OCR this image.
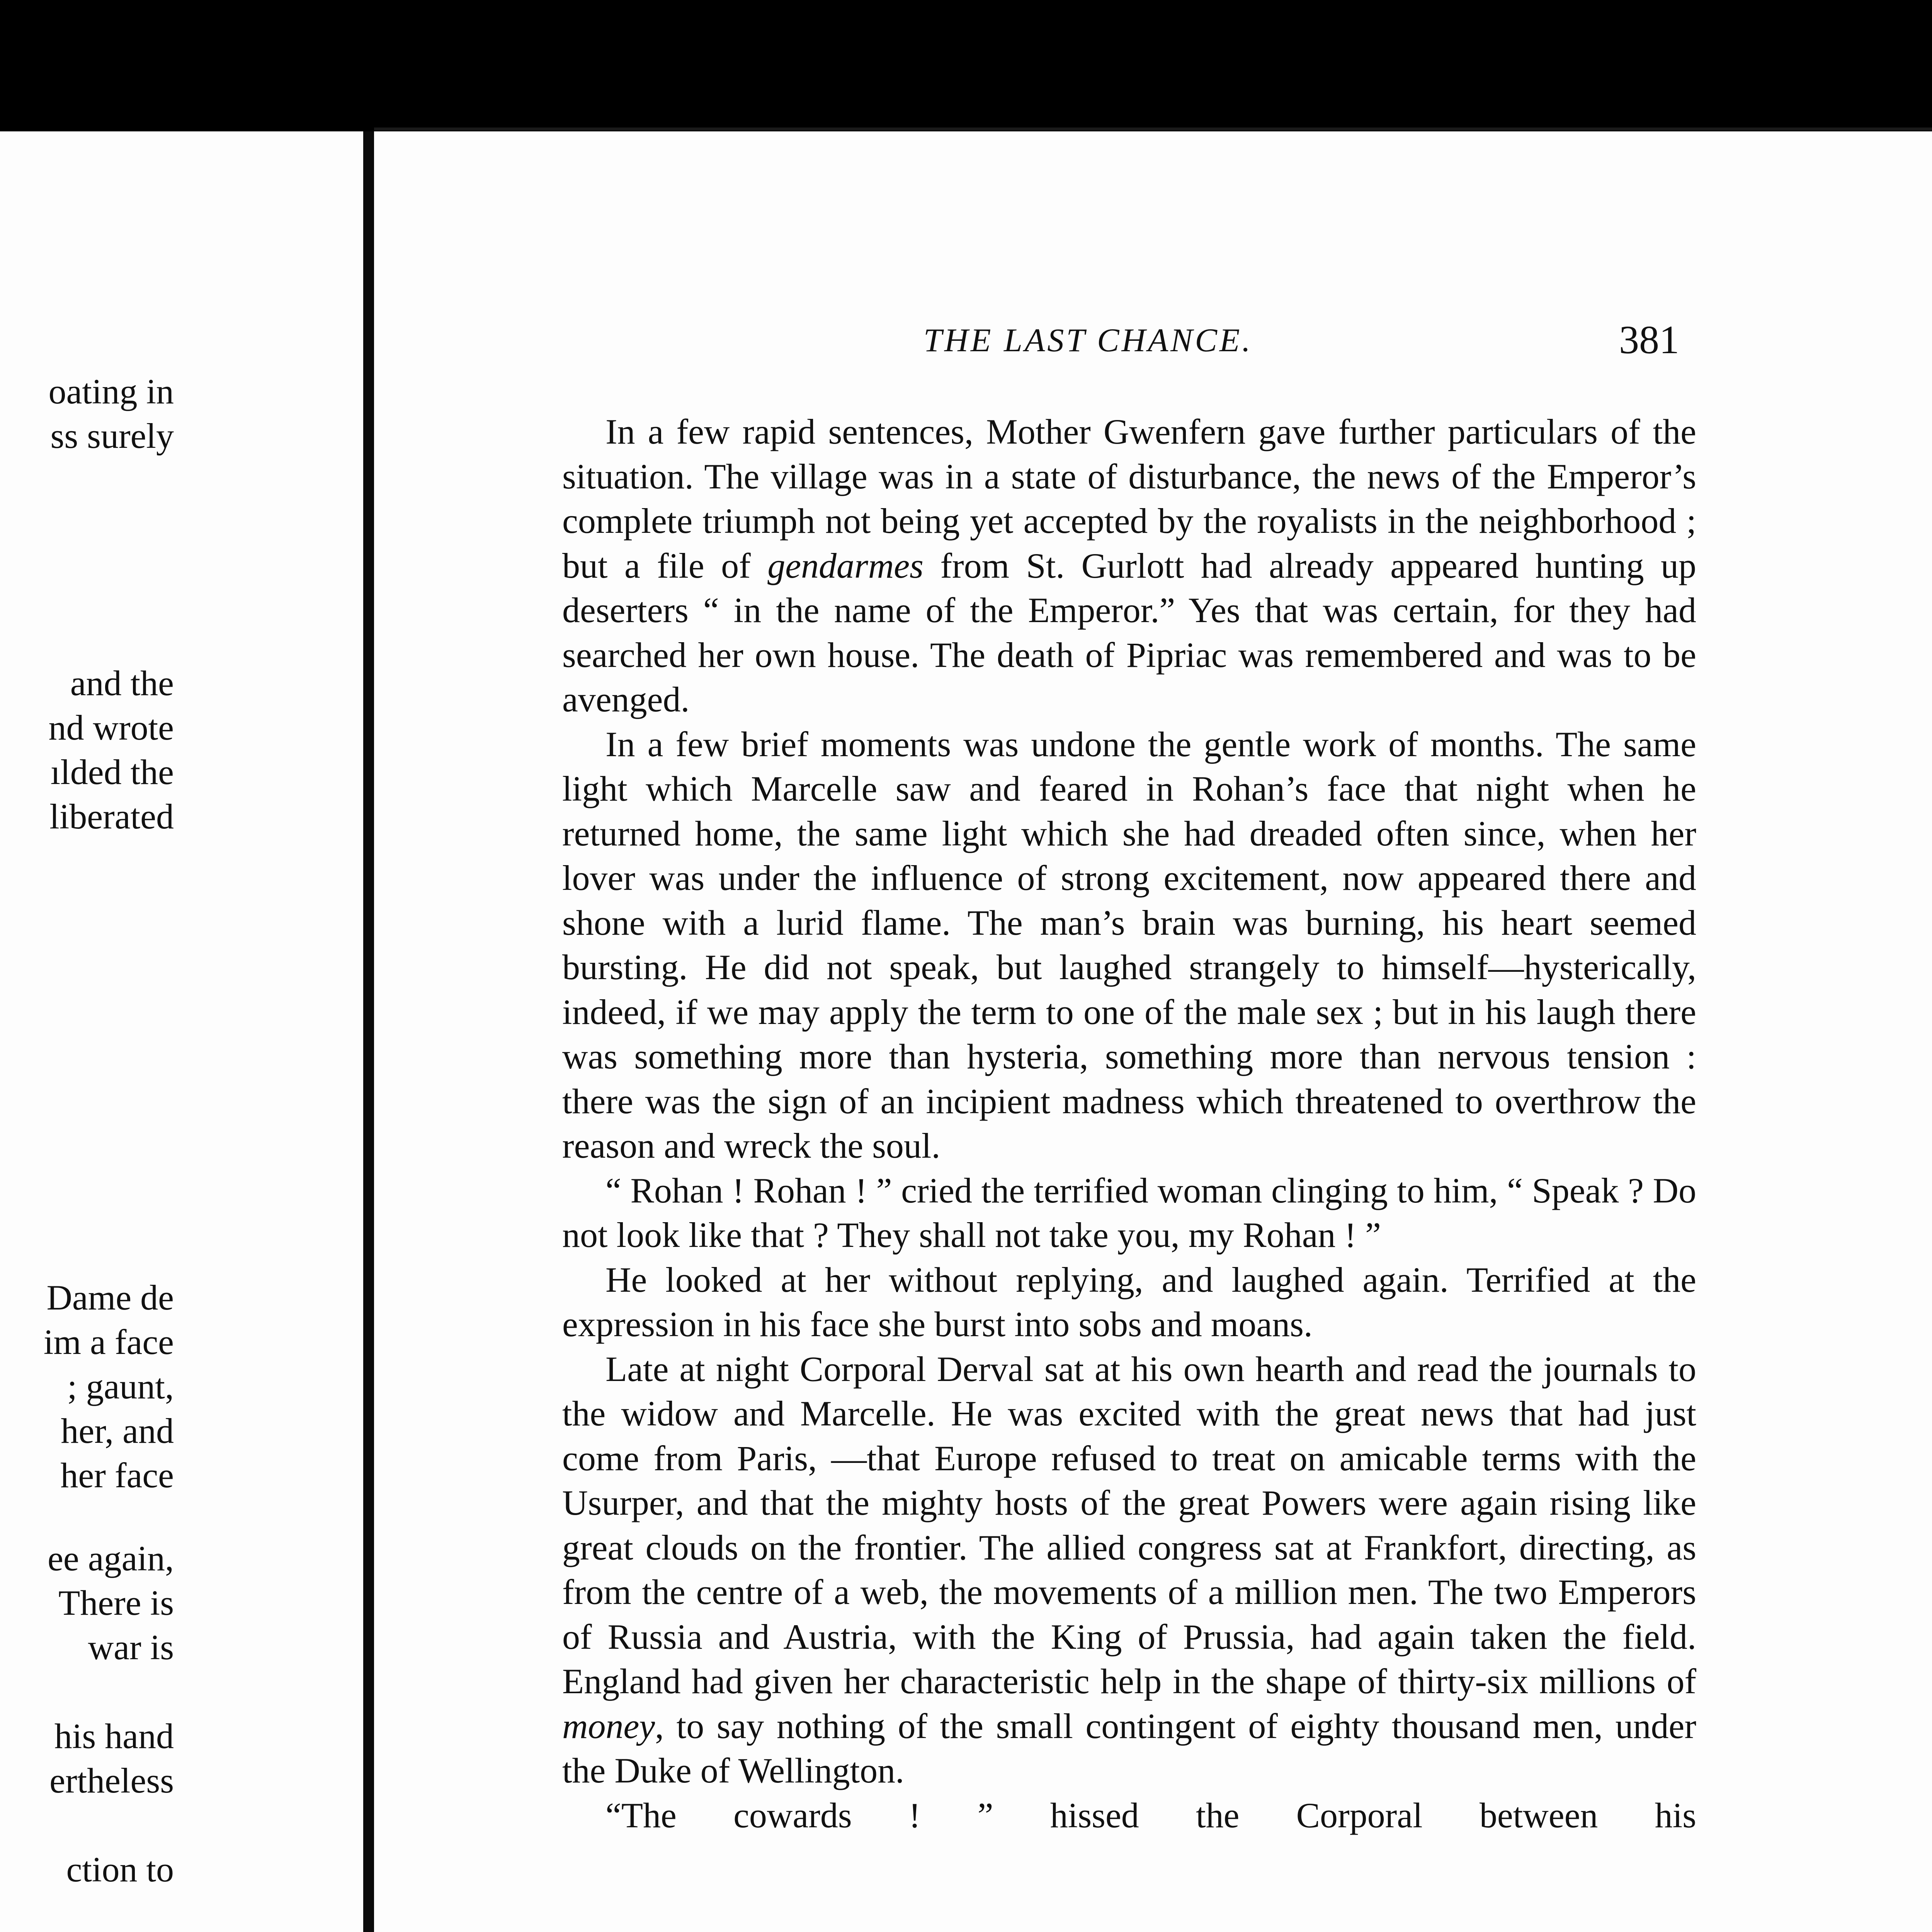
oating in
ss surely
and the
nd wrote
ılded the
liberated
Dame de
im a face
; gaunt,
her, and
her face
ee again,
There is
war is
his hand
ertheless
ction to
THE LAST CHANCE.	381

In a few rapid sentences, Mother Gwenfern gave further particulars of the situation. The village was in a state of disturbance, the news of the Emperor’s complete triumph not being yet accepted by the royalists in the neighborhood ; but a file of gendarmes from St. Gurlott had already appeared hunting up deserters “ in the name of the Emperor.” Yes that was certain, for they had searched her own house. The death of Pipriac was remembered and was to be avenged.

In a few brief moments was undone the gentle work of months. The same light which Marcelle saw and feared in Rohan’s face that night when he returned home, the same light which she had dreaded often since, when her lover was under the influence of strong excitement, now appeared there and shone with a lurid flame. The man’s brain was burning, his heart seemed bursting. He did not speak, but laughed strangely to himself—hysterically, indeed, if we may apply the term to one of the male sex ; but in his laugh there was something more than hysteria, something more than nervous tension : there was the sign of an incipient madness which threatened to overthrow the reason and wreck the soul.

“ Rohan ! Rohan ! ” cried the terrified woman clinging to him, “ Speak ? Do not look like that ? They shall not take you, my Rohan ! ”

He looked at her without replying, and laughed again. Terrified at the expression in his face she burst into sobs and moans.

Late at night Corporal Derval sat at his own hearth and read the journals to the widow and Marcelle. He was excited with the great news that had just come from Paris, —that Europe refused to treat on amicable terms with the Usurper, and that the mighty hosts of the great Powers were again rising like great clouds on the frontier. The allied congress sat at Frankfort, directing, as from the centre of a web, the movements of a million men. The two Emperors of Russia and Austria, with the King of Prussia, had again taken the field. England had given her characteristic help in the shape of thirty-six millions of money, to say nothing of the small contingent of eighty thousand men, under the Duke of Wellington.

“The cowards ! ” hissed the Corporal between his
